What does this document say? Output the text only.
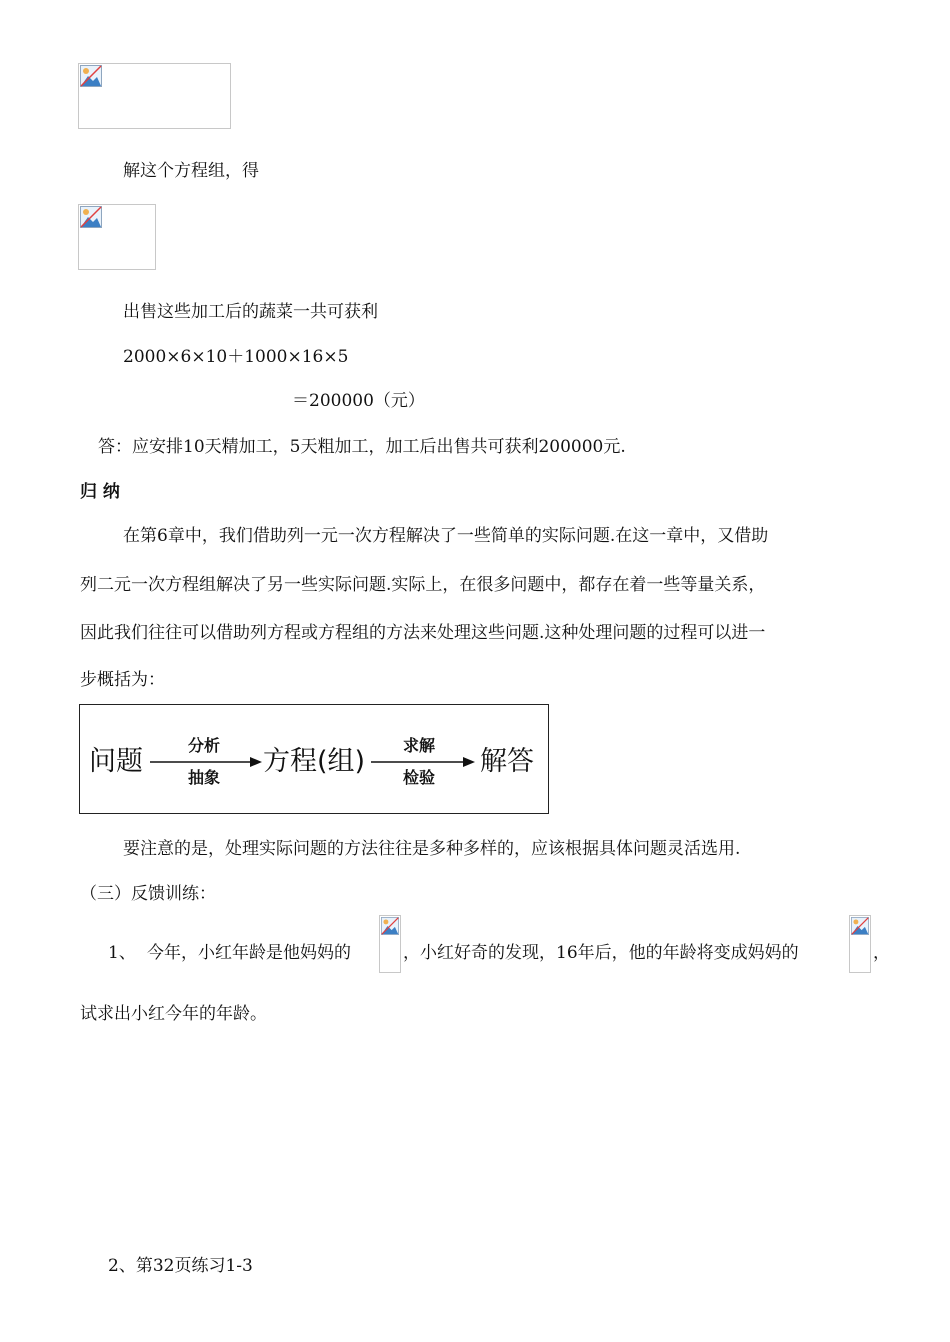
解这个方程组，得
出售这些加工后的蔬菜一共可获利
2000×6×10＋1000×16×5
＝200000（元）
答：应安排10天精加工，5天粗加工，加工后出售共可获利200000元.
归 纳
在第6章中，我们借助列一元一次方程解决了一些简单的实际问题.在这一章中，又借助
列二元一次方程组解决了另一些实际问题.实际上，在很多问题中，都存在着一些等量关系，
因此我们往往可以借助列方程或方程组的方法来处理这些问题.这种处理问题的过程可以进一
步概括为：
问题
分析
抽象
方程(组)
求解
检验
解答
要注意的是，处理实际问题的方法往往是多种多样的，应该根据具体问题灵活选用.
（三）反馈训练：
1、 今年，小红年龄是他妈妈的	，小红好奇的发现，16年后，他的年龄将变成妈妈的	，
试求出小红今年的年龄。
2、第32页练习1-3
